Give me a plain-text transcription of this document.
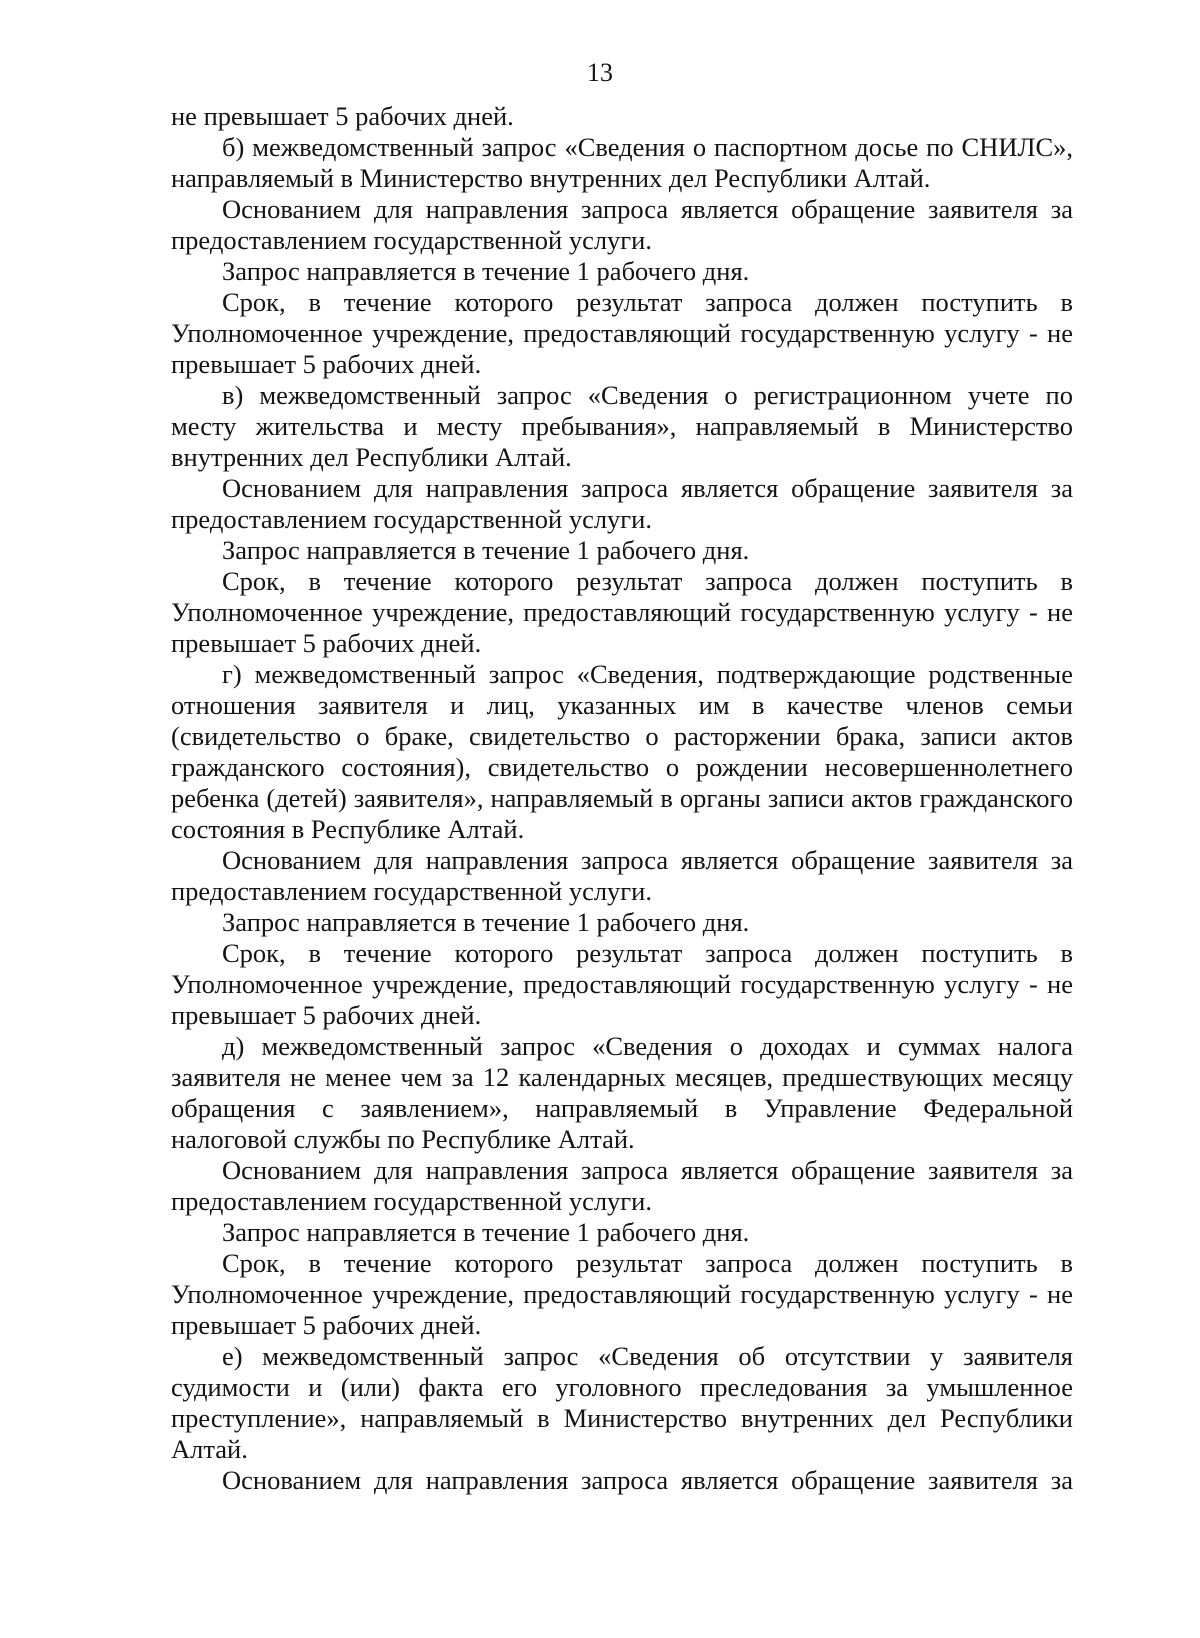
13

не превышает 5 рабочих дней.

б) межведомственный запрос «Сведения о паспортном досье по СНИЛС», направляемый в Министерство внутренних дел Республики Алтай.

Основанием для направления запроса является обращение заявителя за предоставлением государственной услуги.

Запрос направляется в течение 1 рабочего дня.

Срок, в течение которого результат запроса должен поступить в Уполномоченное учреждение, предоставляющий государственную услугу - не превышает 5 рабочих дней.

в) межведомственный запрос «Сведения о регистрационном учете по месту жительства и месту пребывания», направляемый в Министерство внутренних дел Республики Алтай.

Основанием для направления запроса является обращение заявителя за предоставлением государственной услуги.

Запрос направляется в течение 1 рабочего дня.

Срок, в течение которого результат запроса должен поступить в Уполномоченное учреждение, предоставляющий государственную услугу - не превышает 5 рабочих дней.

г) межведомственный запрос «Сведения, подтверждающие родственные отношения заявителя и лиц, указанных им в качестве членов семьи (свидетельство о браке, свидетельство о расторжении брака, записи актов гражданского состояния), свидетельство о рождении несовершеннолетнего ребенка (детей) заявителя», направляемый в органы записи актов гражданского состояния в Республике Алтай.

Основанием для направления запроса является обращение заявителя за предоставлением государственной услуги.

Запрос направляется в течение 1 рабочего дня.

Срок, в течение которого результат запроса должен поступить в Уполномоченное учреждение, предоставляющий государственную услугу - не превышает 5 рабочих дней.

д) межведомственный запрос «Сведения о доходах и суммах налога заявителя не менее чем за 12 календарных месяцев, предшествующих месяцу обращения с заявлением», направляемый в Управление Федеральной налоговой службы по Республике Алтай.

Основанием для направления запроса является обращение заявителя за предоставлением государственной услуги.

Запрос направляется в течение 1 рабочего дня.

Срок, в течение которого результат запроса должен поступить в Уполномоченное учреждение, предоставляющий государственную услугу - не превышает 5 рабочих дней.

е) межведомственный запрос «Сведения об отсутствии у заявителя судимости и (или) факта его уголовного преследования за умышленное преступление», направляемый в Министерство внутренних дел Республики Алтай.

Основанием для направления запроса является обращение заявителя за
